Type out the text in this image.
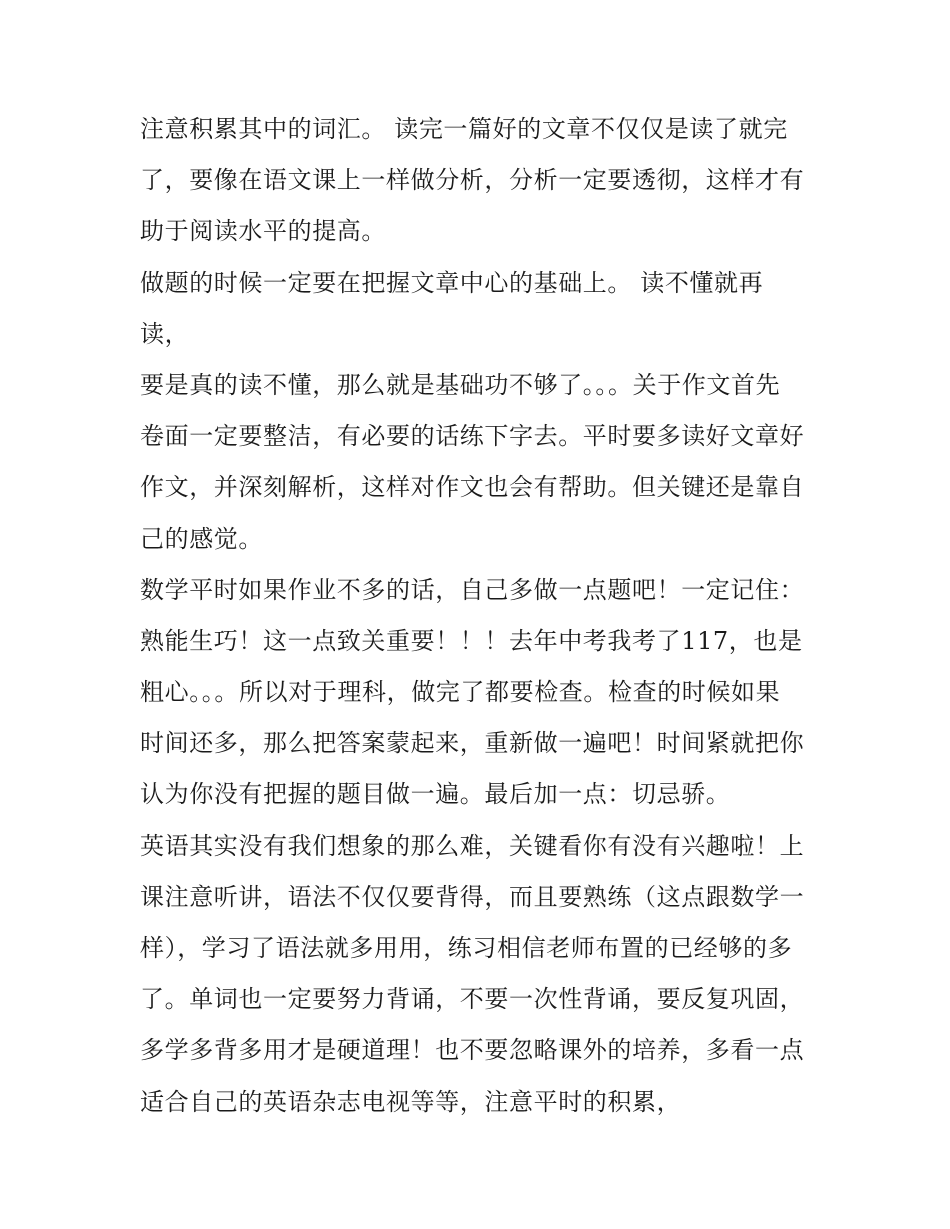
注意积累其中的词汇。 读完一篇好的文章不仅仅是读了就完
了，要像在语文课上一样做分析，分析一定要透彻，这样才有
助于阅读水平的提高。
做题的时候一定要在把握文章中心的基础上。 读不懂就再
读，
要是真的读不懂，那么就是基础功不够了。。。关于作文首先
卷面一定要整洁，有必要的话练下字去。平时要多读好文章好
作文，并深刻解析，这样对作文也会有帮助。但关键还是靠自
己的感觉。
数学平时如果作业不多的话，自己多做一点题吧！一定记住：
熟能生巧！这一点致关重要！！！去年中考我考了117，也是
粗心。。。所以对于理科，做完了都要检查。检查的时候如果
时间还多，那么把答案蒙起来，重新做一遍吧！时间紧就把你
认为你没有把握的题目做一遍。最后加一点：切忌骄。
英语其实没有我们想象的那么难，关键看你有没有兴趣啦！上
课注意听讲，语法不仅仅要背得，而且要熟练（这点跟数学一
样），学习了语法就多用用，练习相信老师布置的已经够的多
了。单词也一定要努力背诵，不要一次性背诵，要反复巩固，
多学多背多用才是硬道理！也不要忽略课外的培养，多看一点
适合自己的英语杂志电视等等，注意平时的积累，
